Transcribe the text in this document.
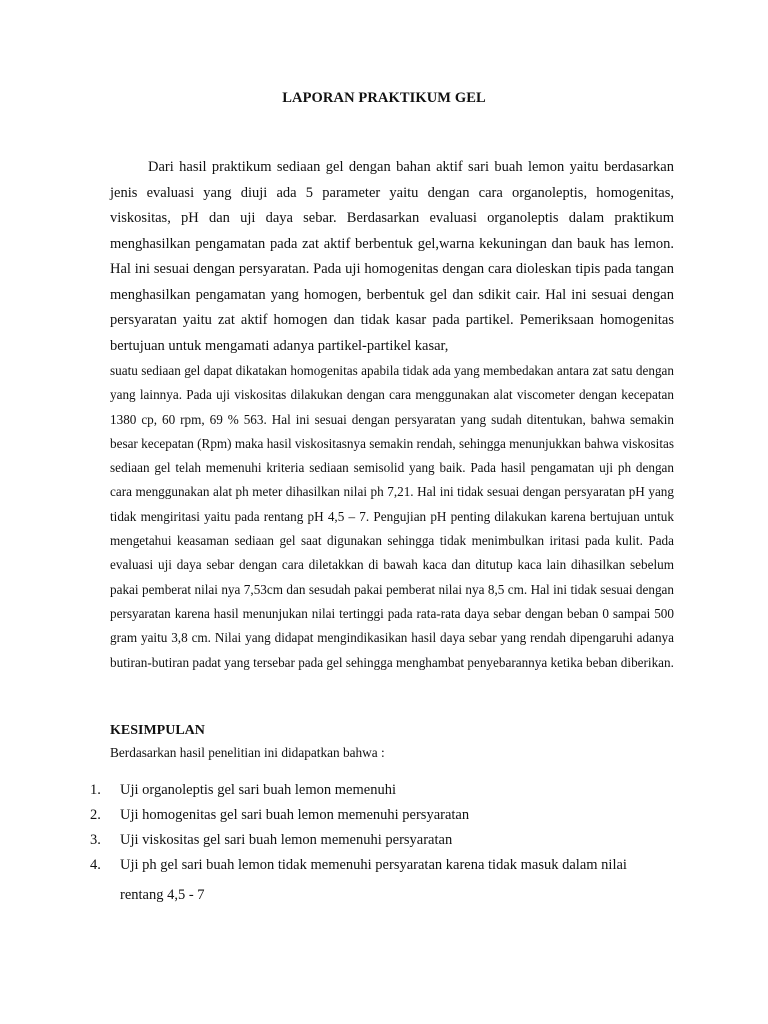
LAPORAN PRAKTIKUM GEL

Dari hasil praktikum sediaan gel dengan bahan aktif sari buah lemon yaitu berdasarkan jenis evaluasi yang diuji ada 5 parameter yaitu dengan cara organoleptis, homogenitas, viskositas, pH dan uji daya sebar. Berdasarkan evaluasi organoleptis dalam praktikum menghasilkan pengamatan pada zat aktif berbentuk gel,warna kekuningan dan bauk has lemon. Hal ini sesuai dengan persyaratan. Pada uji homogenitas dengan cara dioleskan tipis pada tangan menghasilkan pengamatan yang homogen, berbentuk gel dan sdikit cair. Hal ini sesuai dengan persyaratan yaitu zat aktif homogen dan tidak kasar pada partikel. Pemeriksaan homogenitas bertujuan untuk mengamati adanya partikel-partikel kasar,

suatu sediaan gel dapat dikatakan homogenitas apabila tidak ada yang membedakan antara zat satu dengan yang lainnya. Pada uji viskositas dilakukan dengan cara menggunakan alat viscometer dengan kecepatan 1380 cp, 60 rpm, 69 % 563. Hal ini sesuai dengan persyaratan yang sudah ditentukan, bahwa semakin besar kecepatan (Rpm) maka hasil viskositasnya semakin rendah, sehingga menunjukkan bahwa viskositas sediaan gel telah memenuhi kriteria sediaan semisolid yang baik. Pada hasil pengamatan uji ph dengan cara menggunakan alat ph meter dihasilkan nilai ph 7,21. Hal ini tidak sesuai dengan persyaratan pH yang tidak mengiritasi yaitu pada rentang pH 4,5 – 7. Pengujian pH penting dilakukan karena bertujuan untuk mengetahui keasaman sediaan gel saat digunakan sehingga tidak menimbulkan iritasi pada kulit. Pada evaluasi uji daya sebar dengan cara diletakkan di bawah kaca dan ditutup kaca lain dihasilkan sebelum pakai pemberat nilai nya 7,53cm dan sesudah pakai pemberat nilai nya 8,5 cm. Hal ini tidak sesuai dengan persyaratan karena hasil menunjukan nilai tertinggi pada rata-rata daya sebar dengan beban 0 sampai 500 gram yaitu 3,8 cm. Nilai yang didapat mengindikasikan hasil daya sebar yang rendah dipengaruhi adanya butiran-butiran padat yang tersebar pada gel sehingga menghambat penyebarannya ketika beban diberikan.

KESIMPULAN
Berdasarkan hasil penelitian ini didapatkan bahwa :
1. Uji organoleptis gel sari buah lemon memenuhi
2. Uji homogenitas gel sari buah lemon memenuhi persyaratan
3. Uji viskositas gel sari buah lemon memenuhi persyaratan
4. Uji ph gel sari buah lemon tidak memenuhi persyaratan karena tidak masuk dalam nilai
rentang 4,5 - 7
